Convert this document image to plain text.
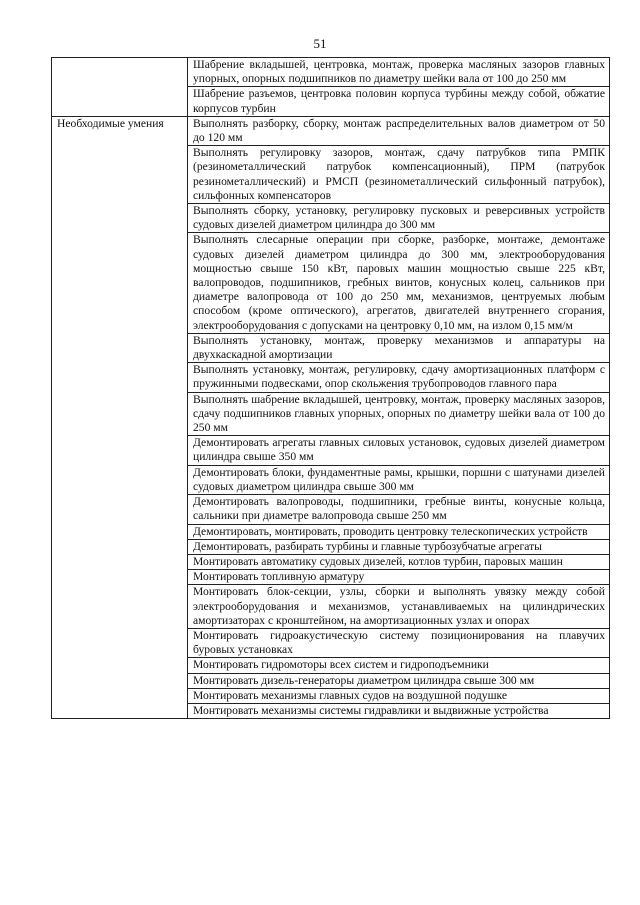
51
	Шабрение вкладышей, центровка, монтаж, проверка масляных зазоров главных упорных, опорных подшипников по диаметру шейки вала от 100 до 250 мм
	Шабрение разъемов, центровка половин корпуса турбины между собой, обжатие корпусов турбин
Необходимые умения	Выполнять разборку, сборку, монтаж распределительных валов диаметром от 50 до 120 мм
	Выполнять регулировку зазоров, монтаж, сдачу патрубков типа РМПК (резинометаллический патрубок компенсационный), ПРМ (патрубок резинометаллический) и РМСП (резинометаллический сильфонный патрубок), сильфонных компенсаторов
	Выполнять сборку, установку, регулировку пусковых и реверсивных устройств судовых дизелей диаметром цилиндра до 300 мм
	Выполнять слесарные операции при сборке, разборке, монтаже, демонтаже судовых дизелей диаметром цилиндра до 300 мм, электрооборудования мощностью свыше 150 кВт, паровых машин мощностью свыше 225 кВт, валопроводов, подшипников, гребных винтов, конусных колец, сальников при диаметре валопровода от 100 до 250 мм, механизмов, центруемых любым способом (кроме оптического), агрегатов, двигателей внутреннего сгорания, электрооборудования с допусками на центровку 0,10 мм, на излом 0,15 мм/м
	Выполнять установку, монтаж, проверку механизмов и аппаратуры на двухкаскадной амортизации
	Выполнять установку, монтаж, регулировку, сдачу амортизационных платформ с пружинными подвесками, опор скольжения трубопроводов главного пара
	Выполнять шабрение вкладышей, центровку, монтаж, проверку масляных зазоров, сдачу подшипников главных упорных, опорных по диаметру шейки вала от 100 до 250 мм
	Демонтировать агрегаты главных силовых установок, судовых дизелей диаметром цилиндра свыше 350 мм
	Демонтировать блоки, фундаментные рамы, крышки, поршни с шатунами дизелей судовых диаметром цилиндра свыше 300 мм
	Демонтировать валопроводы, подшипники, гребные винты, конусные кольца, сальники при диаметре валопровода свыше 250 мм
	Демонтировать, монтировать, проводить центровку телескопических устройств
	Демонтировать, разбирать турбины и главные турбозубчатые агрегаты
	Монтировать автоматику судовых дизелей, котлов турбин, паровых машин
	Монтировать топливную арматуру
	Монтировать блок-секции, узлы, сборки и выполнять увязку между собой электрооборудования и механизмов, устанавливаемых на цилиндрических амортизаторах с кронштейном, на амортизационных узлах и опорах
	Монтировать гидроакустическую систему позиционирования на плавучих буровых установках
	Монтировать гидромоторы всех систем и гидроподъемники
	Монтировать дизель-генераторы диаметром цилиндра свыше 300 мм
	Монтировать механизмы главных судов на воздушной подушке
	Монтировать механизмы системы гидравлики и выдвижные устройства
